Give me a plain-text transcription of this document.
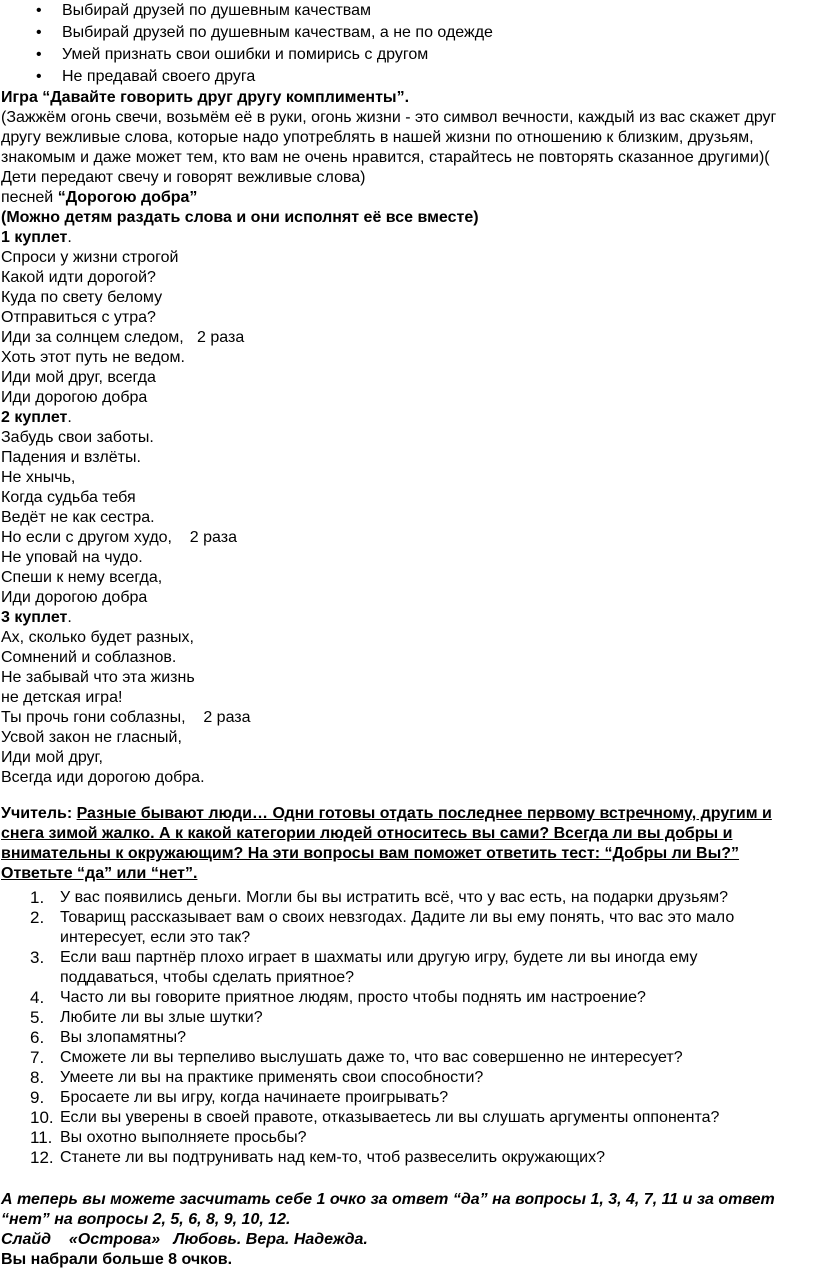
•	Выбирай друзей по душевным качествам
•	Выбирай друзей по душевным качествам, а не по одежде
•	Умей признать свои ошибки и помирись с другом
•	Не предавай своего друга

Игра “Давайте говорить друг другу комплименты”.

(Зажжём огонь свечи, возьмём её в руки, огонь жизни - это символ вечности, каждый из вас скажет друг другу вежливые слова, которые надо употреблять в нашей жизни по отношению к близким, друзьям, знакомым и даже может тем, кто вам не очень нравится, старайтесь не повторять сказанное другими)( Дети передают свечу и говорят вежливые слова)

песней “Дорогою добра”

(Можно детям раздать слова и они исполнят её все вместе)

1 куплет.

Спроси у жизни строгой
Какой идти дорогой?
Куда по свету белому
Отправиться с утра?
Иди за солнцем следом,   2 раза
Хоть этот путь не ведом.
Иди мой друг, всегда
Иди дорогою добра

2 куплет.

Забудь свои заботы.
Падения и взлёты.
Не хнычь,
Когда судьба тебя
Ведёт не как сестра.
Но если с другом худо,    2 раза
Не уповай на чудо.
Спеши к нему всегда,
Иди дорогою добра

3 куплет.

Ах, сколько будет разных,
Сомнений и соблазнов.
Не забывай что эта жизнь
не детская игра!
Ты прочь гони соблазны,    2 раза
Усвой закон не гласный,
Иди мой друг,
Всегда иди дорогою добра.

Учитель: Разные бывают люди… Одни готовы отдать последнее первому встречному, другим и снега зимой жалко. А к какой категории людей относитесь вы сами? Всегда ли вы добры и внимательны к окружающим? На эти вопросы вам поможет ответить тест: “Добры ли Вы?” Ответьте “да” или “нет”.

1. У вас появились деньги. Могли бы вы истратить всё, что у вас есть, на подарки друзьям?
2. Товарищ рассказывает вам о своих невзгодах. Дадите ли вы ему понять, что вас это мало интересует, если это так?
3. Если ваш партнёр плохо играет в шахматы или другую игру, будете ли вы иногда ему поддаваться, чтобы сделать приятное?
4. Часто ли вы говорите приятное людям, просто чтобы поднять им настроение?
5. Любите ли вы злые шутки?
6. Вы злопамятны?
7. Сможете ли вы терпеливо выслушать даже то, что вас совершенно не интересует?
8. Умеете ли вы на практике применять свои способности?
9. Бросаете ли вы игру, когда начинаете проигрывать?
10. Если вы уверены в своей правоте, отказываетесь ли вы слушать аргументы оппонента?
11. Вы охотно выполняете просьбы?
12. Станете ли вы подтрунивать над кем-то, чтоб развеселить окружающих?

А теперь вы можете засчитать себе 1 очко за ответ “да” на вопросы 1, 3, 4, 7, 11 и за ответ “нет” на вопросы 2, 5, 6, 8, 9, 10, 12.

Слайд    «Острова»   Любовь. Вера. Надежда.

Вы набрали больше 8 очков.
